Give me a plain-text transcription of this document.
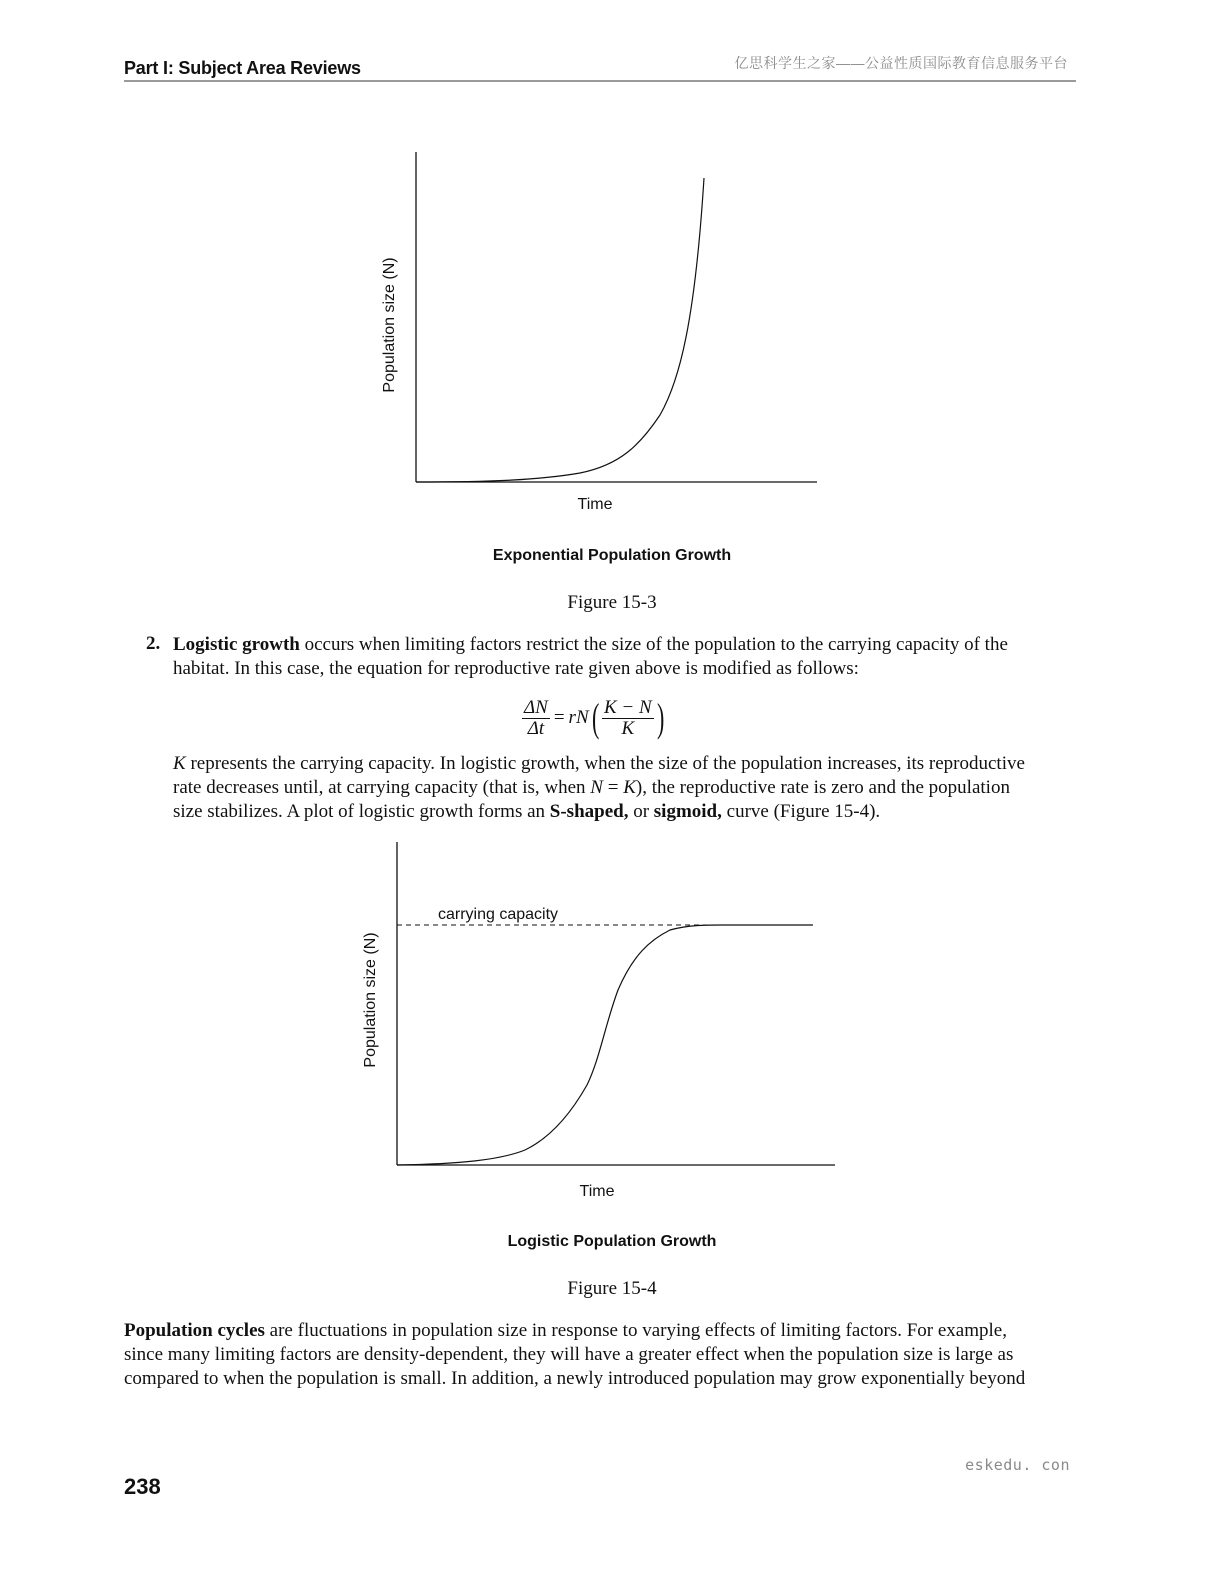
Part I: Subject Area Reviews	亿思科学生之家——公益性质国际教育信息服务平台
Population size (N)
Time
Exponential Population Growth
Figure 15-3
2. Logistic growth occurs when limiting factors restrict the size of the population to the carrying capacity of the
habitat. In this case, the equation for reproductive rate given above is modified as follows:
$\frac{\Delta N}{\Delta t}$ = rN ( $\frac{K - N}{K}$ )
K represents the carrying capacity. In logistic growth, when the size of the population increases, its reproductive
rate decreases until, at carrying capacity (that is, when N = K), the reproductive rate is zero and the population
size stabilizes. A plot of logistic growth forms an S-shaped, or sigmoid, curve (Figure 15-4).
carrying capacity
Population size (N)
Time
Logistic Population Growth
Figure 15-4
Population cycles are fluctuations in population size in response to varying effects of limiting factors. For example,
since many limiting factors are density-dependent, they will have a greater effect when the population size is large as
compared to when the population is small. In addition, a newly introduced population may grow exponentially beyond
eskedu. con
238
